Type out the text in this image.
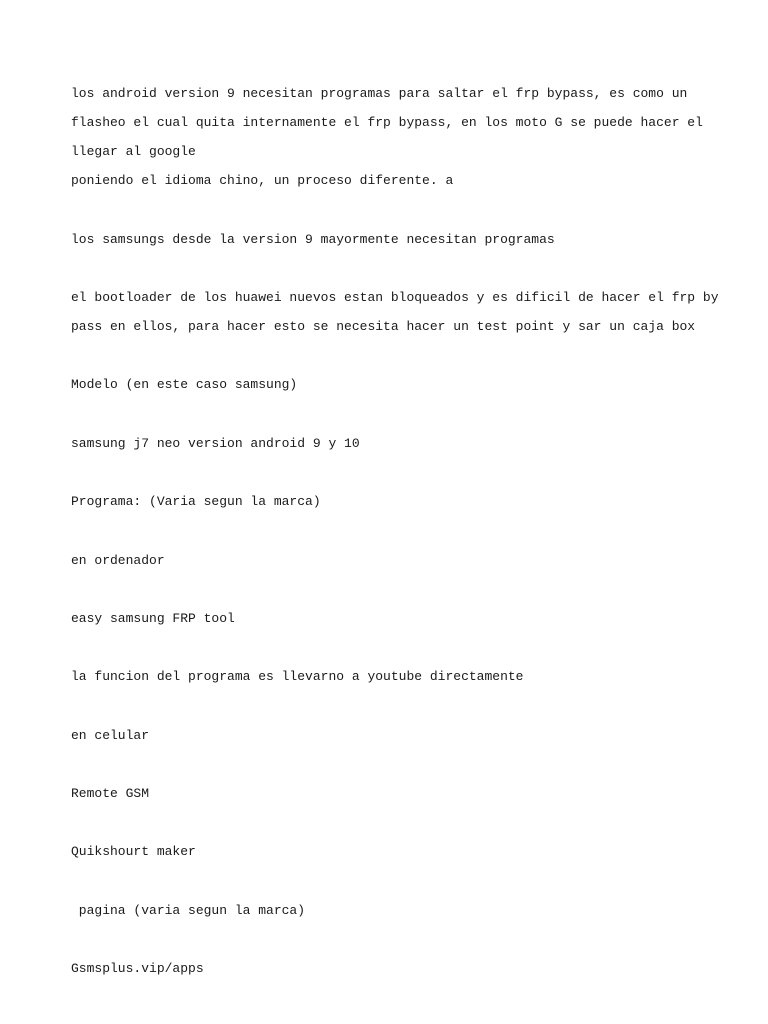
los android version 9 necesitan programas para saltar el frp bypass, es como un

flasheo el cual quita internamente el frp bypass, en los moto G se puede hacer el

llegar al google

poniendo el idioma chino, un proceso diferente. a

los samsungs desde la version 9 mayormente necesitan programas

el bootloader de los huawei nuevos estan bloqueados y es dificil de hacer el frp by

pass en ellos, para hacer esto se necesita hacer un test point y sar un caja box

Modelo (en este caso samsung)

samsung j7 neo version android 9 y 10

Programa: (Varia segun la marca)

en ordenador

easy samsung FRP tool

la funcion del programa es llevarno a youtube directamente

en celular

Remote GSM

Quikshourt maker

pagina (varia segun la marca)

Gsmsplus.vip/apps
